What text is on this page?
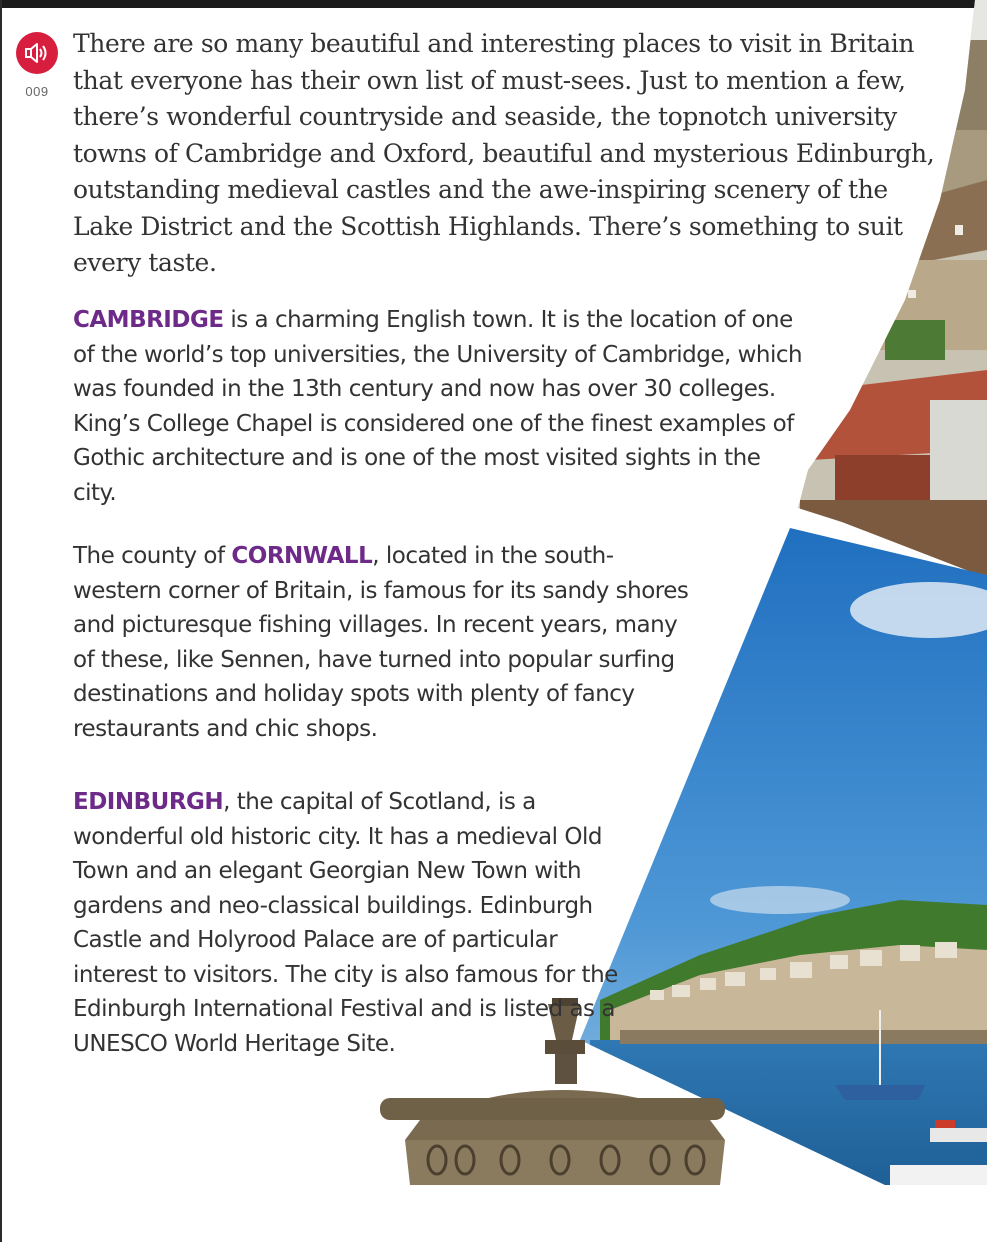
009

There are so many beautiful and interesting places to visit in Britain that everyone has their own list of must-sees. Just to mention a few, there’s wonderful countryside and seaside, the topnotch university towns of Cambridge and Oxford, beautiful and mysterious Edinburgh, outstanding medieval castles and the awe-inspiring scenery of the Lake District and the Scottish Highlands. There’s something to suit every taste.

CAMBRIDGE is a charming English town. It is the location of one of the world’s top universities, the University of Cambridge, which was founded in the 13th century and now has over 30 colleges. King’s College Chapel is considered one of the finest examples of Gothic architecture and is one of the most visited sights in the city.

The county of CORNWALL, located in the south-western corner of Britain, is famous for its sandy shores and picturesque fishing villages. In recent years, many of these, like Sennen, have turned into popular surfing destinations and holiday spots with plenty of fancy restaurants and chic shops.

EDINBURGH, the capital of Scotland, is a wonderful old historic city. It has a medieval Old Town and an elegant Georgian New Town with gardens and neo-classical buildings. Edinburgh Castle and Holyrood Palace are of particular interest to visitors. The city is also famous for the Edinburgh International Festival and is listed as a UNESCO World Heritage Site.
